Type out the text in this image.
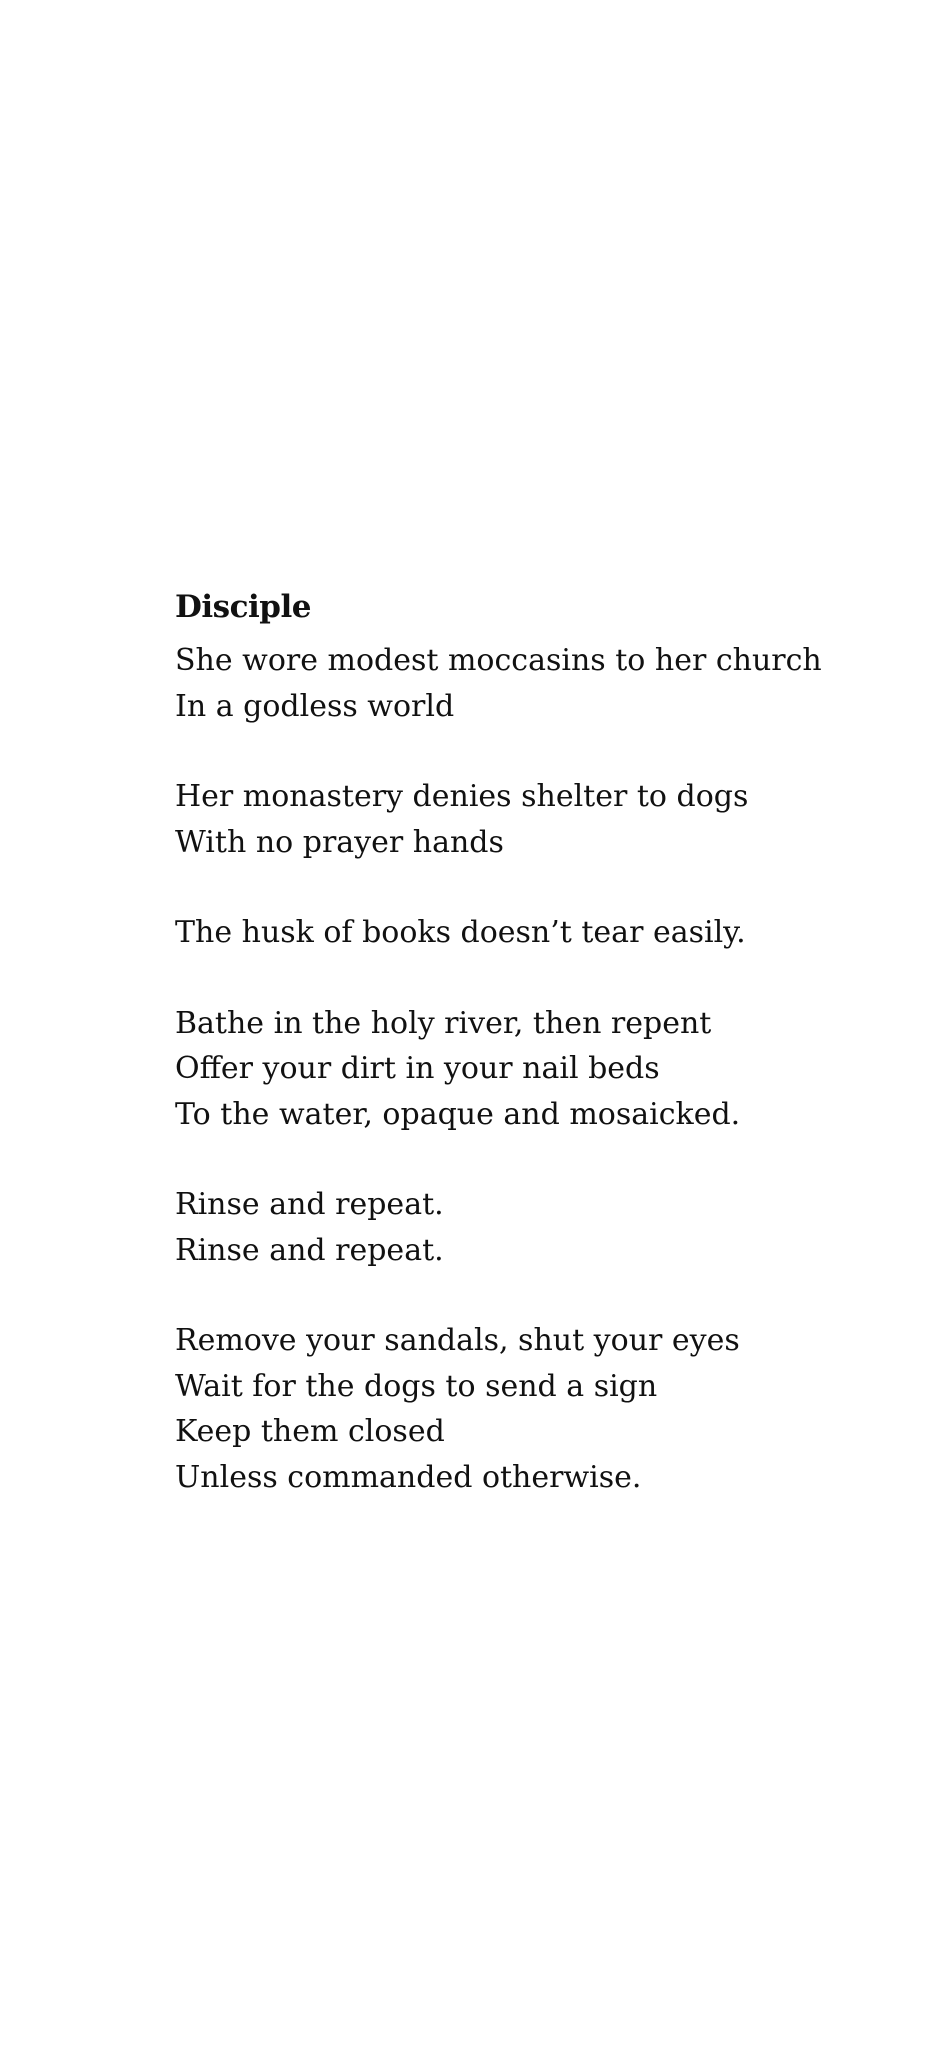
Disciple
She wore modest moccasins to her church
In a godless world
Her monastery denies shelter to dogs
With no prayer hands
The husk of books doesn’t tear easily.
Bathe in the holy river, then repent
Offer your dirt in your nail beds
To the water, opaque and mosaicked.
Rinse and repeat.
Rinse and repeat.
Remove your sandals, shut your eyes
Wait for the dogs to send a sign
Keep them closed
Unless commanded otherwise.
